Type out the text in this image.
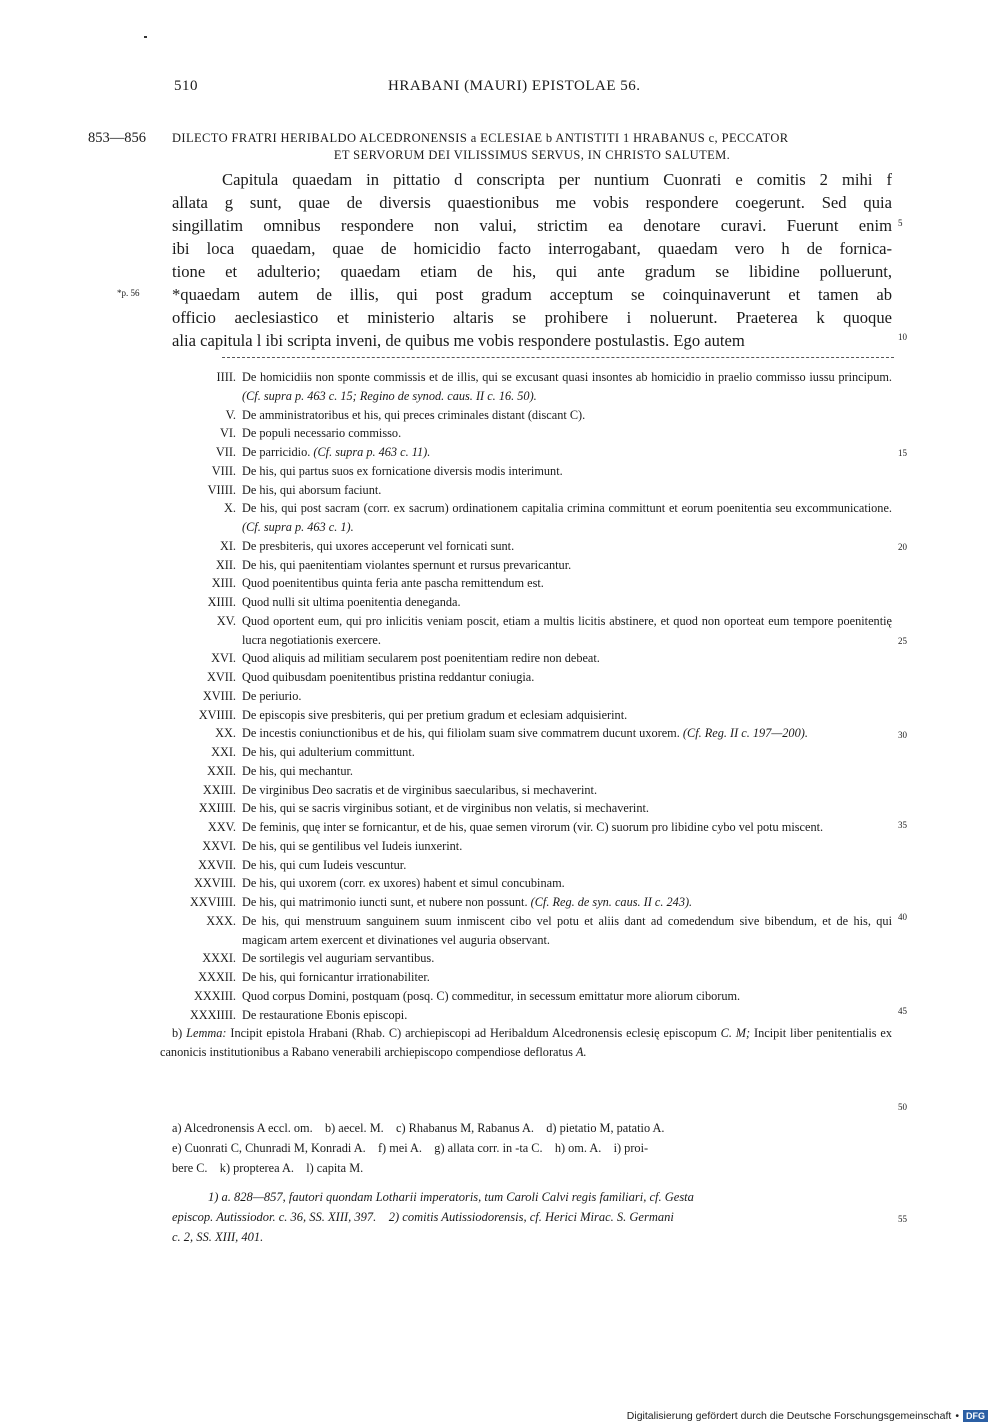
510	HRABANI (MAURI) EPISTOLAE 56.
853—856 DILECTO FRATRI HERIBALDO ALCEDRONENSIS a ECLESIAE b ANTISTITI 1 HRABANUS c, PECCATOR
ET SERVORUM DEI VILISSIMUS SERVUS, IN CHRISTO SALUTEM.
Capitula quaedam in pittatio d conscripta per nuntium Cuonrati e comitis 2 mihi f
allata g sunt, quae de diversis quaestionibus me vobis respondere coegerunt. Sed quia
singillatim omnibus respondere non valui, strictim ea denotare curavi. Fuerunt enim
ibi loca quaedam, quae de homicidio facto interrogabant, quaedam vero h de fornica-
tione et adulterio; quaedam etiam de his, qui ante gradum se libidine polluerunt,
*quaedam autem de illis, qui post gradum acceptum se coinquinaverunt et tamen ab
officio aeclesiastico et ministerio altaris se prohibere i noluerunt. Praeterea k quoque
alia capitula l ibi scripta inveni, de quibus me vobis respondere postulastis. Ego autem
*p. 56
IIII. De homicidiis non sponte commissis et de illis, qui se excusant quasi insontes ab homicidio in praelio commisso iussu principum. (Cf. supra p. 463 c. 15; Regino de synod. caus. II c. 16. 50).
V. De amministratoribus et his, qui preces criminales distant (discant C).
VI. De populi necessario commisso.
VII. De parricidio. (Cf. supra p. 463 c. 11).
VIII. De his, qui partus suos ex fornicatione diversis modis interimunt.
VIIII. De his, qui aborsum faciunt.
X. De his, qui post sacram (corr. ex sacrum) ordinationem capitalia crimina committunt et eorum poenitentia seu excommunicatione. (Cf. supra p. 463 c. 1).
XI. De presbiteris, qui uxores acceperunt vel fornicati sunt.
XII. De his, qui paenitentiam violantes spernunt et rursus prevaricantur.
XIII. Quod poenitentibus quinta feria ante pascha remittendum est.
XIIII. Quod nulli sit ultima poenitentia deneganda.
XV. Quod oportent eum, qui pro inlicitis veniam poscit, etiam a multis licitis abstinere, et quod non oporteat eum tempore poenitentię lucra negotiationis exercere.
XVI. Quod aliquis ad militiam secularem post poenitentiam redire non debeat.
XVII. Quod quibusdam poenitentibus pristina reddantur coniugia.
XVIII. De periurio.
XVIIII. De episcopis sive presbiteris, qui per pretium gradum et eclesiam adquisierint.
XX. De incestis coniunctionibus et de his, qui filiolam suam sive commatrem ducunt uxorem. (Cf. Reg. II c. 197—200).
XXI. De his, qui adulterium committunt.
XXII. De his, qui mechantur.
XXIII. De virginibus Deo sacratis et de virginibus saecularibus, si mechaverint.
XXIIII. De his, qui se sacris virginibus sotiant, et de virginibus non velatis, si mechaverint.
XXV. De feminis, quę inter se fornicantur, et de his, quae semen virorum (vir. C) suorum pro libidine cybo vel potu miscent.
XXVI. De his, qui se gentilibus vel Iudeis iunxerint.
XXVII. De his, qui cum Iudeis vescuntur.
XXVIII. De his, qui uxorem (corr. ex uxores) habent et simul concubinam.
XXVIIII. De his, qui matrimonio iuncti sunt, et nubere non possunt. (Cf. Reg. de syn. caus. II c. 243).
XXX. De his, qui menstruum sanguinem suum inmiscent cibo vel potu et aliis dant ad comedendum sive bibendum, et de his, qui magicam artem exercent et divinationes vel auguria observant.
XXXI. De sortilegis vel auguriam servantibus.
XXXII. De his, qui fornicantur irrationabiliter.
XXXIII. Quod corpus Domini, postquam (posq. C) commeditur, in secessum emittatur more aliorum ciborum.
XXXIIII. De restauratione Ebonis episcopi.
b) Lemma: Incipit epistola Hrabani (Rhab. C) archiepiscopi ad Heribaldum Alcedronensis eclesię episcopum C. M; Incipit liber penitentialis ex canonicis institutionibus a Rabano venerabili archiepiscopo compendiose defloratus A.
a) Alcedronensis A eccl. om.    b) aecel. M.    c) Rhabanus M, Rabanus A.    d) pietatio M, patatio A.
e) Cuonrati C, Chunradi M, Konradi A.    f) mei A.    g) allata corr. in -ta C.    h) om. A.    i) proi-
bere C.    k) propterea A.    l) capita M.
1) a. 828—857, fautori quondam Lotharii imperatoris, tum Caroli Calvi regis familiari, cf. Gesta
episcop. Autissiodor. c. 36, SS. XIII, 397.    2) comitis Autissiodorensis, cf. Herici Mirac. S. Germani
c. 2, SS. XIII, 401.
5
10
15
20
25
30
35
40
45
50
55
Digitalisierung gefördert durch die Deutsche Forschungsgemeinschaft • DFG
